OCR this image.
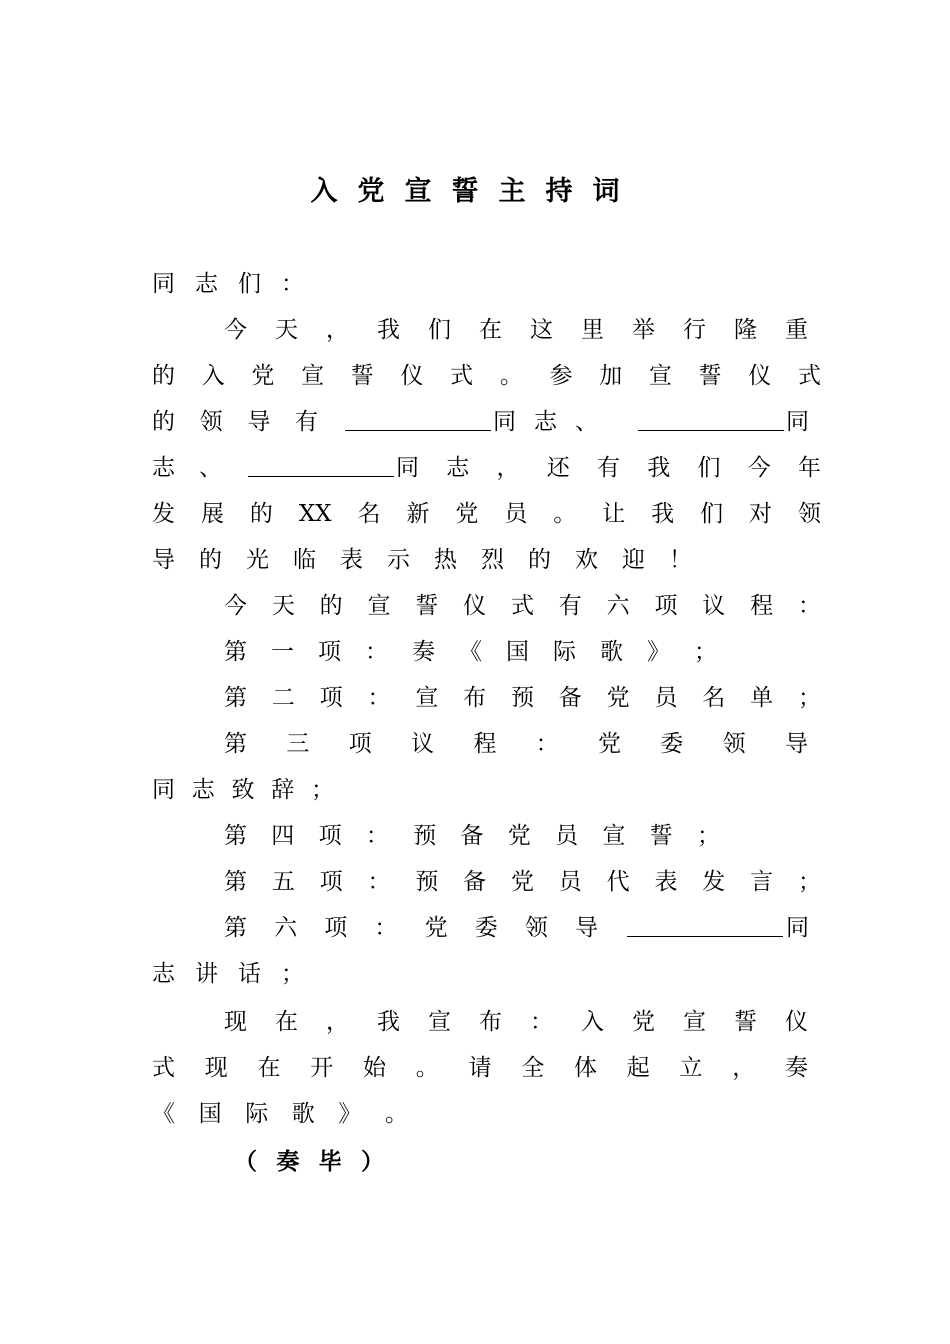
入党宣誓主持词
同 志 们 ：
今 天 ， 我 们 在 这 里 举 行 隆 重
的 入 党 宣 誓 仪 式 。 参 加 宣 誓 仪 式
的 领 导 有	同 志 、	同
志 、	同 志 ， 还 有 我 们 今 年
发 展 的 XX 名 新 党 员 。 让 我 们 对 领
导 的 光 临 表 示 热 烈 的 欢 迎 ！
今 天 的 宣 誓 仪 式 有 六 项 议 程 ：
第 一 项 ： 奏 《 国 际 歌 》 ；
第 二 项 ： 宣 布 预 备 党 员 名 单 ；
第 三 项 议 程 ： 党 委 领 导
同 志 致 辞 ；
第 四 项 ： 预 备 党 员 宣 誓 ；
第 五 项 ： 预 备 党 员 代 表 发 言 ；
第 六 项 ： 党 委 领 导	同
志 讲 话 ；
现 在 ， 我 宣 布 ： 入 党 宣 誓 仪
式 现 在 开 始 。 请 全 体 起 立 ， 奏
《 国 际 歌 》 。
（ 奏 毕 ）
